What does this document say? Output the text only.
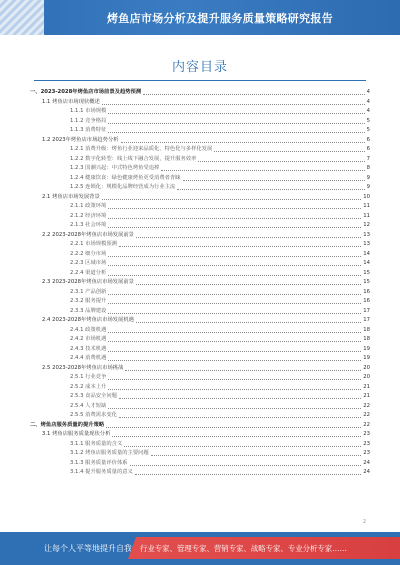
烤鱼店市场分析及提升服务质量策略研究报告
内容目录
一、2023-2028年烤鱼店市场前景及趋势预测	4
1.1 烤鱼店市场现状概述	4
1.1.1 市场规模	4
1.1.2 竞争格局	5
1.1.3 消费特征	5
1.2 2023年烤鱼店市场趋势分析	6
1.2.1 消费升级：烤鱼行业迎来品质化、特色化与多样化发展	6
1.2.2 数字化转型：线上线下融合发展，提升服务效率	7
1.2.3 国潮兴起：中式特色烤鱼受追捧	8
1.2.4 健康饮食：绿色健康烤鱼更受消费者青睐	9
1.2.5 连锁化：规模化品牌经营成为行业主流	9
2.1 烤鱼店市场发展背景	10
2.1.1 政策环境	11
2.1.2 经济环境	11
2.1.3 社会环境	12
2.2 2023-2028年烤鱼店市场发展前景	13
2.2.1 市场规模预测	13
2.2.2 细分市场	14
2.2.3 区域市场	14
2.2.4 渠道分析	15
2.3 2023-2028年烤鱼店市场发展前景	15
2.3.1 产品创新	16
2.3.2 服务提升	16
2.3.3 品牌建设	17
2.4 2023-2028年烤鱼店市场发展机遇	17
2.4.1 政策机遇	18
2.4.2 市场机遇	18
2.4.3 技术机遇	19
2.4.4 消费机遇	19
2.5 2023-2028年烤鱼店市场挑战	20
2.5.1 行业竞争	20
2.5.2 成本上升	21
2.5.3 食品安全问题	21
2.5.4 人才短缺	22
2.5.5 消费需求变化	22
二、烤鱼店服务质量的提升策略	22
3.1 烤鱼店服务质量现状分析	23
3.1.1 服务质量的含义	23
3.1.2 烤鱼店服务质量的主要问题	23
3.1.3 服务质量评价体系	24
3.1.4 提升服务质量的意义	24
2
让每个人平等地提升自我 行业专家、管理专家、营销专家、战略专家、专业分析专家……
